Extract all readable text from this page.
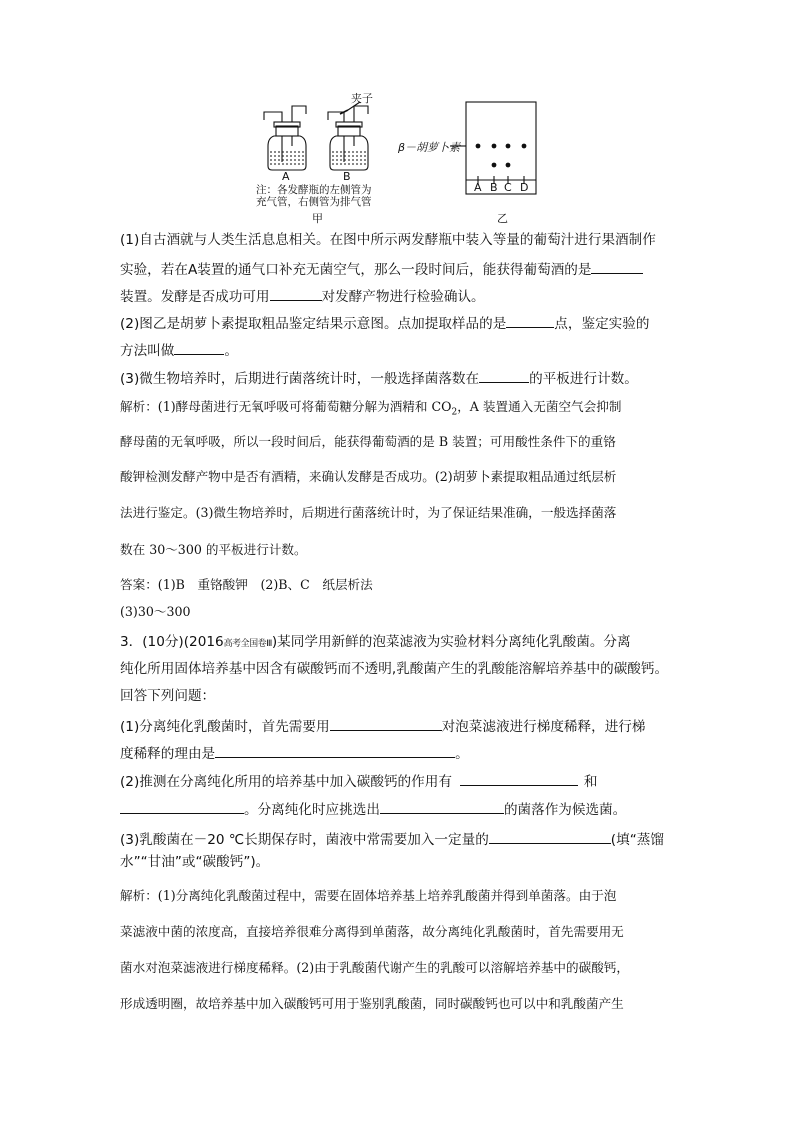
夹子
A	B
注：各发酵瓶的左侧管为
充气管，右侧管为排气管
甲
β－胡萝卜素
A B C D
乙
(1)自古酒就与人类生活息息相关。在图中所示两发酵瓶中装入等量的葡萄汁进行果酒制作
实验，若在A装置的通气口补充无菌空气，那么一段时间后，能获得葡萄酒的是
装置。发酵是否成功可用	对发酵产物进行检验确认。
(2)图乙是胡萝卜素提取粗品鉴定结果示意图。点加提取样品的是	点，鉴定实验的
方法叫做	。
(3)微生物培养时，后期进行菌落统计时，一般选择菌落数在	的平板进行计数。
解析：(1)酵母菌进行无氧呼吸可将葡萄糖分解为酒精和 $CO_2$，A 装置通入无菌空气会抑制
酵母菌的无氧呼吸，所以一段时间后，能获得葡萄酒的是 B 装置；可用酸性条件下的重铬
酸钾检测发酵产物中是否有酒精，来确认发酵是否成功。(2)胡萝卜素提取粗品通过纸层析
法进行鉴定。(3)微生物培养时，后期进行菌落统计时，为了保证结果准确，一般选择菌落
数在 30～300 的平板进行计数。
答案：(1)B　重铬酸钾　(2)B、C　纸层析法
(3)30～300
3．(10分)(2016高考全国卷Ⅲ)某同学用新鲜的泡菜滤液为实验材料分离纯化乳酸菌。分离
纯化所用固体培养基中因含有碳酸钙而不透明,乳酸菌产生的乳酸能溶解培养基中的碳酸钙。
回答下列问题：
(1)分离纯化乳酸菌时，首先需要用	对泡菜滤液进行梯度稀释，进行梯
度稀释的理由是	。
(2)推测在分离纯化所用的培养基中加入碳酸钙的作用有	和
。分离纯化时应挑选出	的菌落作为候选菌。
(3)乳酸菌在－20 ℃长期保存时，菌液中常需要加入一定量的	(填“蒸馏
水”“甘油”或“碳酸钙”)。
解析：(1)分离纯化乳酸菌过程中，需要在固体培养基上培养乳酸菌并得到单菌落。由于泡
菜滤液中菌的浓度高，直接培养很难分离得到单菌落，故分离纯化乳酸菌时，首先需要用无
菌水对泡菜滤液进行梯度稀释。(2)由于乳酸菌代谢产生的乳酸可以溶解培养基中的碳酸钙，
形成透明圈，故培养基中加入碳酸钙可用于鉴别乳酸菌，同时碳酸钙也可以中和乳酸菌产生
